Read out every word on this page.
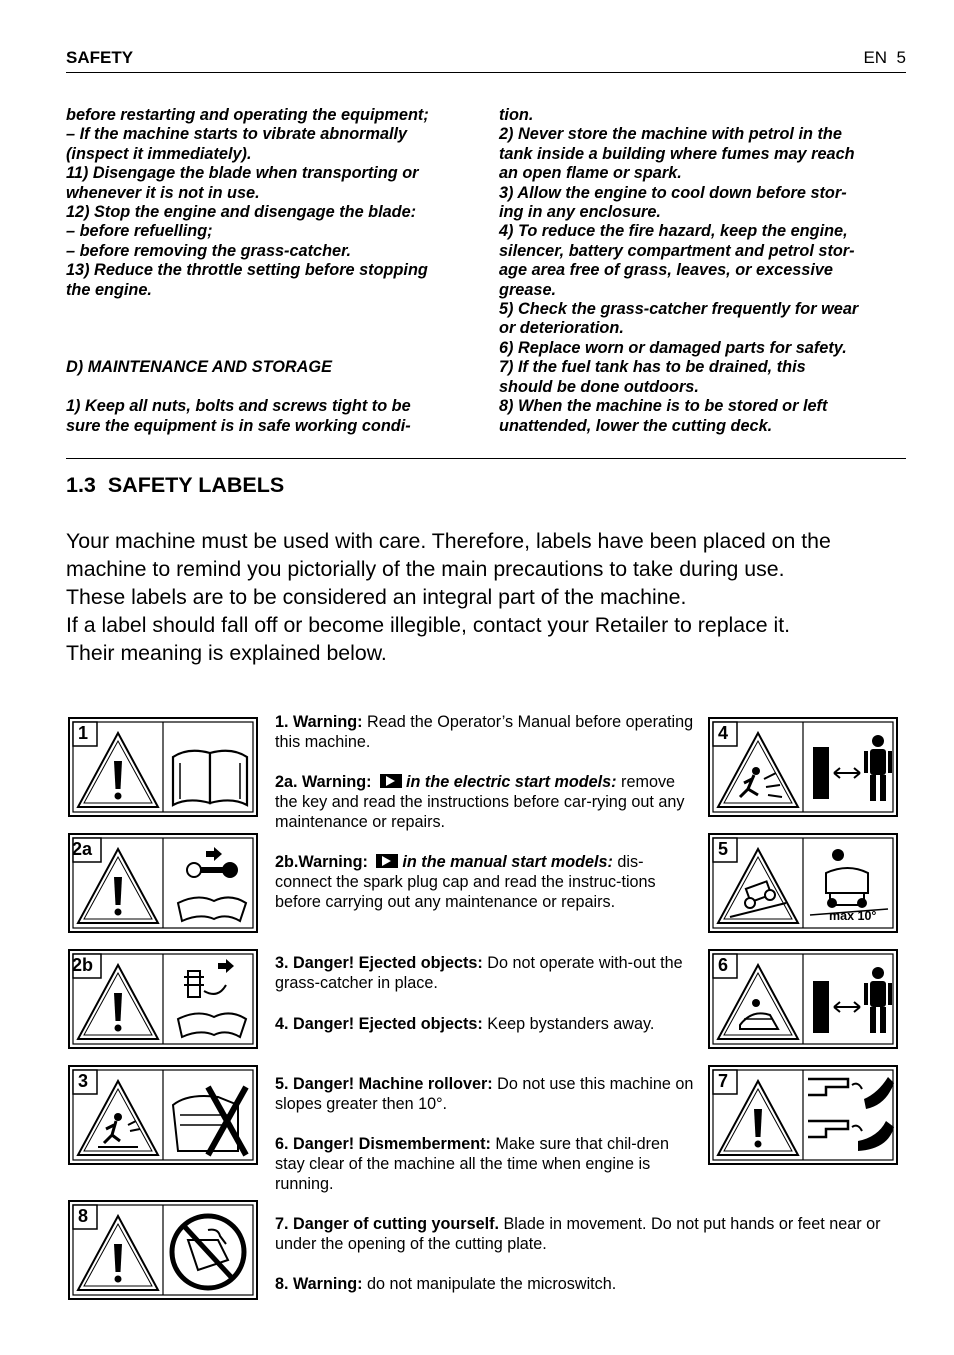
SAFETY	EN  5
before restarting and operating the equipment;
– If the machine starts to vibrate abnormally
(inspect it immediately).
11) Disengage the blade when transporting or
whenever it is not in use.
12) Stop the engine and disengage the blade:
– before refuelling;
– before removing the grass-catcher.
13) Reduce the throttle setting before stopping
the engine.

D) MAINTENANCE AND STORAGE

1) Keep all nuts, bolts and screws tight to be
sure the equipment is in safe working condi-
tion.
2) Never store the machine with petrol in the
tank inside a building where fumes may reach
an open flame or spark.
3) Allow the engine to cool down before stor-
ing in any enclosure.
4) To reduce the fire hazard, keep the engine,
silencer, battery compartment and petrol stor-
age area free of grass, leaves, or excessive
grease.
5) Check the grass-catcher frequently for wear
or deterioration.
6) Replace worn or damaged parts for safety.
7) If the fuel tank has to be drained, this
should be done outdoors.
8) When the machine is to be stored or left
unattended, lower the cutting deck.
1.3  SAFETY LABELS
Your machine must be used with care. Therefore, labels have been placed on the
machine to remind you pictorially of the main precautions to take during use.
These labels are to be considered an integral part of the machine.
If a label should fall off or become illegible, contact your Retailer to replace it.
Their meaning is explained below.
1. Warning: Read the Operator’s Manual before operating this machine.
2a. Warning: in the electric start models: remove the key and read the instructions before car-rying out any maintenance or repairs.
2b.Warning: in the manual start models: dis-connect the spark plug cap and read the instruc-tions before carrying out any maintenance or repairs.
3. Danger! Ejected objects: Do not operate with-out the grass-catcher in place.
4. Danger! Ejected objects: Keep bystanders away.
5. Danger! Machine rollover: Do not use this machine on slopes greater then 10°.
6. Danger! Dismemberment: Make sure that chil-dren stay clear of the machine all the time when engine is running.
7. Danger of cutting yourself. Blade in movement. Do not put hands or feet near or under the opening of the cutting plate.
8. Warning: do not manipulate the microswitch.
1
2a
2b
3
8
4
5
max 10°
6
7
